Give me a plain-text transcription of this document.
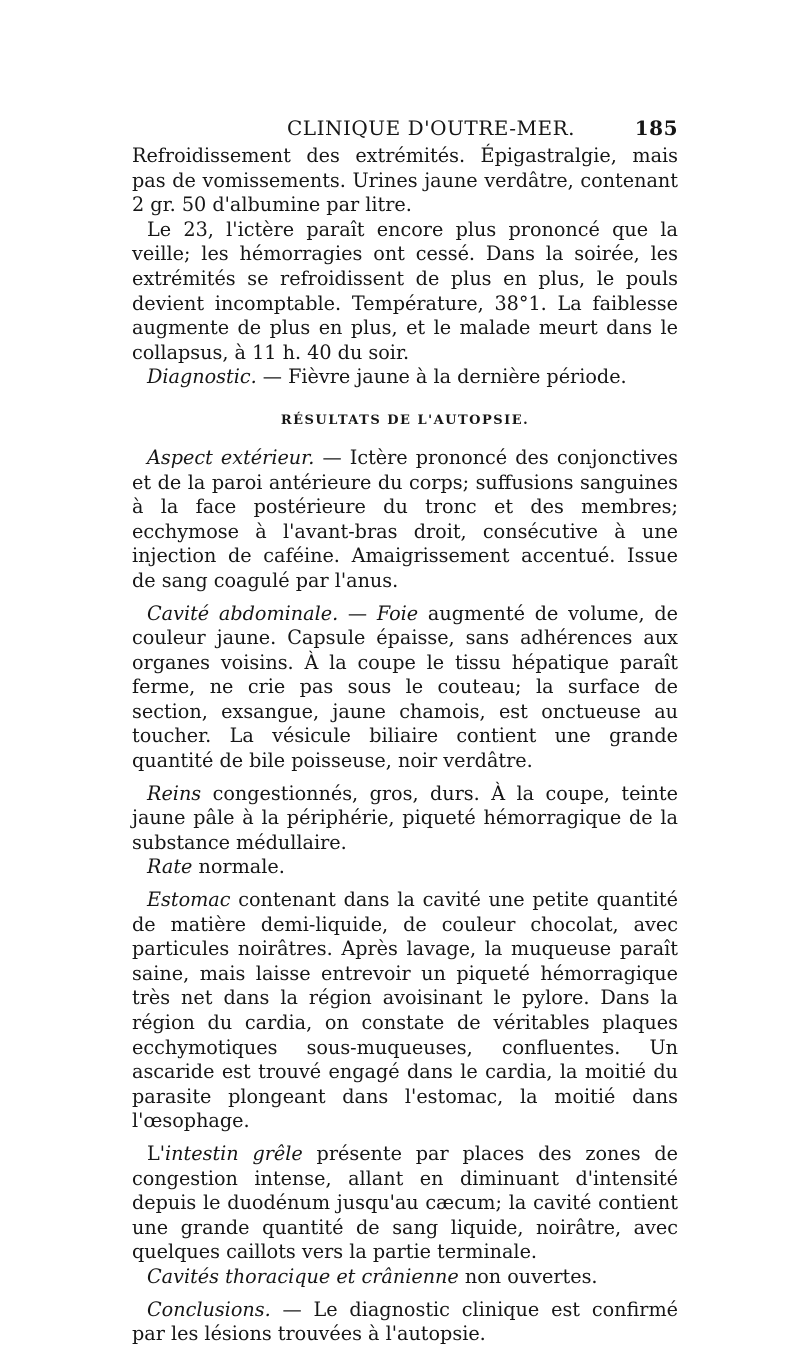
CLINIQUE D'OUTRE-MER.	185

Refroidissement des extrémités. Épigastralgie, mais pas de vomissements. Urines jaune verdâtre, contenant 2 gr. 50 d'albumine par litre.

Le 23, l'ictère paraît encore plus prononcé que la veille; les hémorragies ont cessé. Dans la soirée, les extrémités se refroidissent de plus en plus, le pouls devient incomptable. Température, 38°1. La faiblesse augmente de plus en plus, et le malade meurt dans le collapsus, à 11 h. 40 du soir.

Diagnostic. — Fièvre jaune à la dernière période.

RÉSULTATS DE L'AUTOPSIE.

Aspect extérieur. — Ictère prononcé des conjonctives et de la paroi antérieure du corps; suffusions sanguines à la face postérieure du tronc et des membres; ecchymose à l'avant-bras droit, consécutive à une injection de caféine. Amaigrissement accentué. Issue de sang coagulé par l'anus.

Cavité abdominale. — Foie augmenté de volume, de couleur jaune. Capsule épaisse, sans adhérences aux organes voisins. À la coupe le tissu hépatique paraît ferme, ne crie pas sous le couteau; la surface de section, exsangue, jaune chamois, est onctueuse au toucher. La vésicule biliaire contient une grande quantité de bile poisseuse, noir verdâtre.

Reins congestionnés, gros, durs. À la coupe, teinte jaune pâle à la périphérie, piqueté hémorragique de la substance médullaire.

Rate normale.

Estomac contenant dans la cavité une petite quantité de matière demi-liquide, de couleur chocolat, avec particules noirâtres. Après lavage, la muqueuse paraît saine, mais laisse entrevoir un piqueté hémorragique très net dans la région avoisinant le pylore. Dans la région du cardia, on constate de véritables plaques ecchymotiques sous-muqueuses, confluentes. Un ascaride est trouvé engagé dans le cardia, la moitié du parasite plongeant dans l'estomac, la moitié dans l'œsophage.

L'intestin grêle présente par places des zones de congestion intense, allant en diminuant d'intensité depuis le duodénum jusqu'au cæcum; la cavité contient une grande quantité de sang liquide, noirâtre, avec quelques caillots vers la partie terminale.

Cavités thoracique et crânienne non ouvertes.

Conclusions. — Le diagnostic clinique est confirmé par les lésions trouvées à l'autopsie.
